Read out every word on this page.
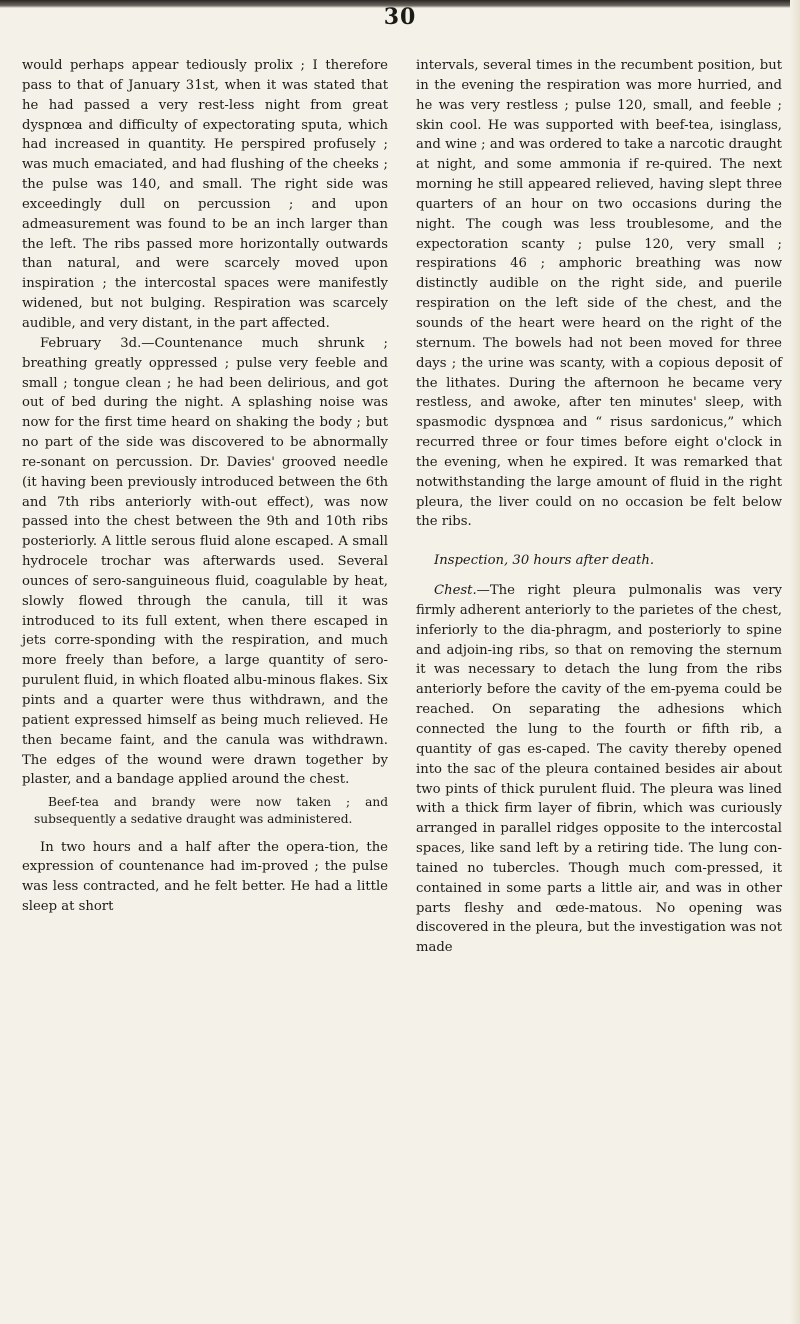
30

would perhaps appear tediously prolix ; I therefore pass to that of January 31st, when it was stated that he had passed a very rest-less night from great dyspnœa and difficulty of expectorating sputa, which had increased in quantity. He perspired profusely ; was much emaciated, and had flushing of the cheeks ; the pulse was 140, and small. The right side was exceedingly dull on percussion ; and upon admeasurement was found to be an inch larger than the left. The ribs passed more horizontally outwards than natural, and were scarcely moved upon inspiration ; the intercostal spaces were manifestly widened, but not bulging. Respiration was scarcely audible, and very distant, in the part affected.

February 3d.—Countenance much shrunk ; breathing greatly oppressed ; pulse very feeble and small ; tongue clean ; he had been delirious, and got out of bed during the night. A splashing noise was now for the first time heard on shaking the body ; but no part of the side was discovered to be abnormally re-sonant on percussion. Dr. Davies' grooved needle (it having been previously introduced between the 6th and 7th ribs anteriorly with-out effect), was now passed into the chest between the 9th and 10th ribs posteriorly. A little serous fluid alone escaped. A small hydrocele trochar was afterwards used. Several ounces of sero-sanguineous fluid, coagulable by heat, slowly flowed through the canula, till it was introduced to its full extent, when there escaped in jets corre-sponding with the respiration, and much more freely than before, a large quantity of sero-purulent fluid, in which floated albu-minous flakes. Six pints and a quarter were thus withdrawn, and the patient expressed himself as being much relieved. He then became faint, and the canula was withdrawn. The edges of the wound were drawn together by plaster, and a bandage applied around the chest.

Beef-tea and brandy were now taken ; and subsequently a sedative draught was administered.

In two hours and a half after the opera-tion, the expression of countenance had im-proved ; the pulse was less contracted, and he felt better. He had a little sleep at short

intervals, several times in the recumbent position, but in the evening the respiration was more hurried, and he was very restless ; pulse 120, small, and feeble ; skin cool. He was supported with beef-tea, isinglass, and wine ; and was ordered to take a narcotic draught at night, and some ammonia if re-quired. The next morning he still appeared relieved, having slept three quarters of an hour on two occasions during the night. The cough was less troublesome, and the expectoration scanty ; pulse 120, very small ; respirations 46 ; amphoric breathing was now distinctly audible on the right side, and puerile respiration on the left side of the chest, and the sounds of the heart were heard on the right of the sternum. The bowels had not been moved for three days ; the urine was scanty, with a copious deposit of the lithates. During the afternoon he became very restless, and awoke, after ten minutes' sleep, with spasmodic dyspnœa and “ risus sardonicus,” which recurred three or four times before eight o'clock in the evening, when he expired. It was remarked that notwithstanding the large amount of fluid in the right pleura, the liver could on no occasion be felt below the ribs.

Inspection, 30 hours after death.

Chest.—The right pleura pulmonalis was very firmly adherent anteriorly to the parietes of the chest, inferiorly to the dia-phragm, and posteriorly to spine and adjoin-ing ribs, so that on removing the sternum it was necessary to detach the lung from the ribs anteriorly before the cavity of the em-pyema could be reached. On separating the adhesions which connected the lung to the fourth or fifth rib, a quantity of gas es-caped. The cavity thereby opened into the sac of the pleura contained besides air about two pints of thick purulent fluid. The pleura was lined with a thick firm layer of fibrin, which was curiously arranged in parallel ridges opposite to the intercostal spaces, like sand left by a retiring tide. The lung con-tained no tubercles. Though much com-pressed, it contained in some parts a little air, and was in other parts fleshy and œde-matous. No opening was discovered in the pleura, but the investigation was not made
